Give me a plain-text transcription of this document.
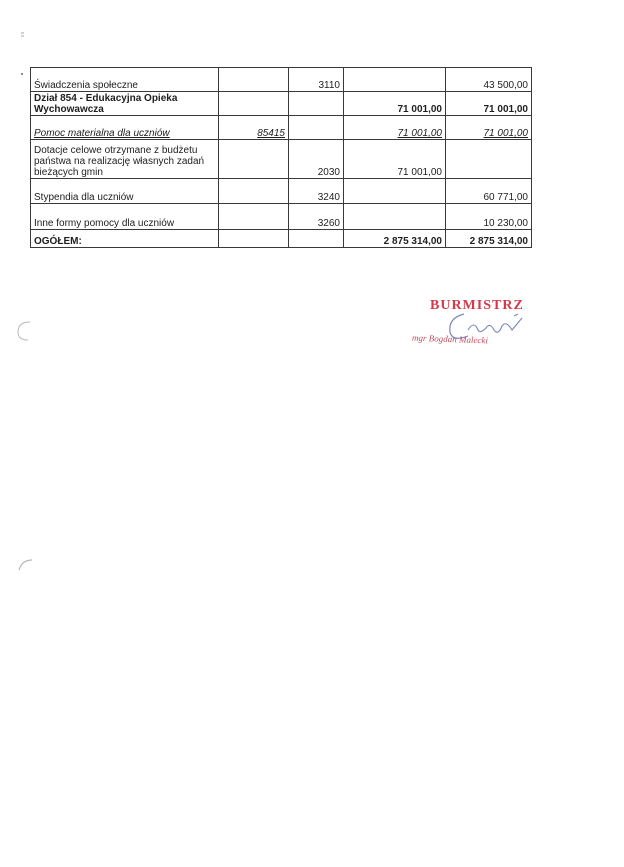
Świadczenia społeczne		3110		43 500,00
Dział 854 - Edukacyjna Opieka Wychowawcza			71 001,00	71 001,00
Pomoc materialna dla uczniów	85415		71 001,00	71 001,00
Dotacje celowe otrzymane z budżetu państwa na realizację własnych zadań bieżących gmin		2030	71 001,00	
Stypendia dla uczniów		3240		60 771,00
Inne formy pomocy dla uczniów		3260		10 230,00
OGÓŁEM:			2 875 314,00	2 875 314,00
BURMISTRZ
mgr Bogdan Malecki
